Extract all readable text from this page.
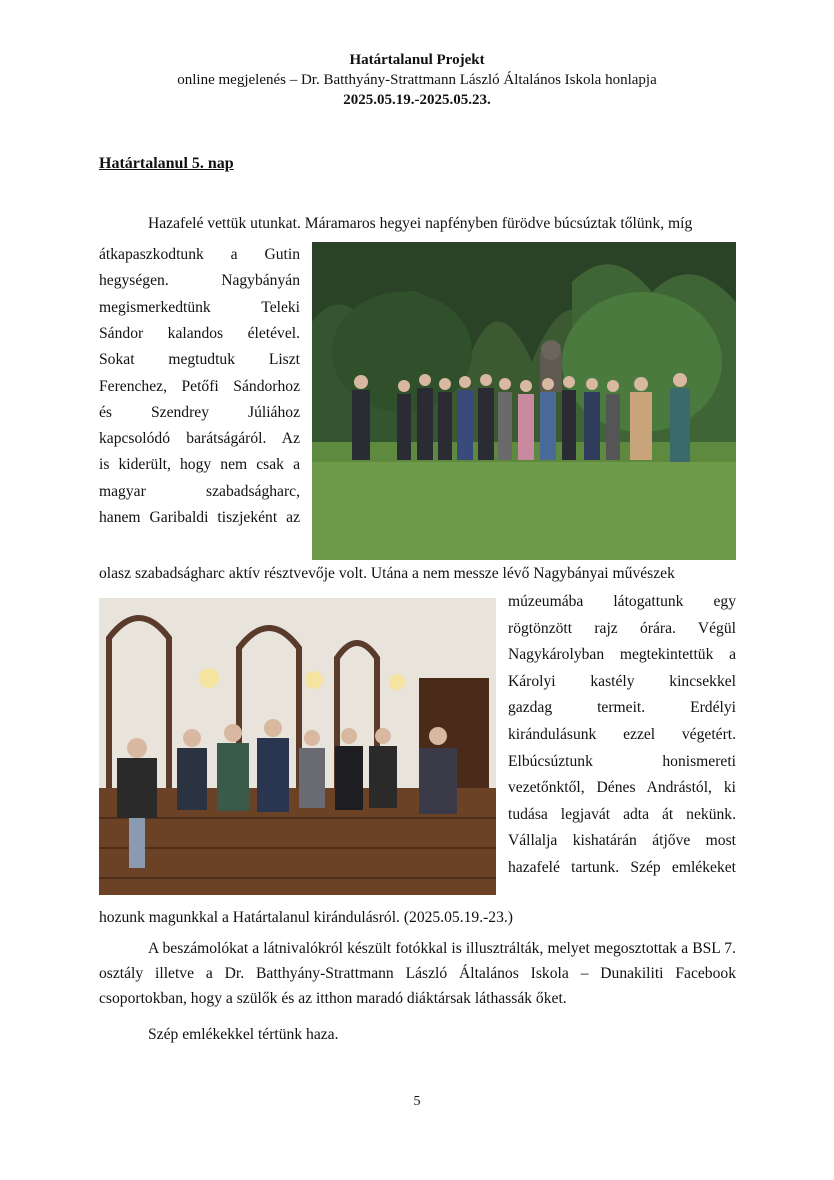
Határtalanul Projekt
online megjelenés – Dr. Batthyány-Strattmann László Általános Iskola honlapja
2025.05.19.-2025.05.23.
Határtalanul 5. nap
Hazafelé vettük utunkat. Máramaros hegyei napfényben fürödve búcsúztak tőlünk, míg
átkapaszkodtunk a Gutin
hegységen. Nagybányán
megismerkedtünk Teleki
Sándor kalandos életével.
Sokat megtudtuk Liszt
Ferenchez, Petőfi Sándorhoz
és Szendrey Júliához
kapcsolódó barátságáról. Az
is kiderült, hogy nem csak a
magyar szabadságharc,
hanem Garibaldi tiszjeként az
olasz szabadságharc aktív résztvevője volt. Utána a nem messze lévő Nagybányai művészek
múzeumába látogattunk egy
rögtönzött rajz órára. Végül
Nagykárolyban megtekintettük a
Károlyi kastély kincsekkel
gazdag termeit. Erdélyi
kirándulásunk ezzel végetért.
Elbúcsúztunk honismereti
vezetőnktől, Dénes Andrástól, ki
tudása legjavát adta át nekünk.
Vállalja kishatárán átjőve most
hazafelé tartunk. Szép emlékeket
hozunk magunkkal a Határtalanul kirándulásról. (2025.05.19.-23.)
A beszámolókat a látnivalókról készült fotókkal is illusztrálták, melyet megosztottak a BSL 7. osztály illetve a Dr. Batthyány-Strattmann László Általános Iskola – Dunakiliti Facebook csoportokban, hogy a szülők és az itthon maradó diáktársak láthassák őket.
Szép emlékekkel tértünk haza.
5
